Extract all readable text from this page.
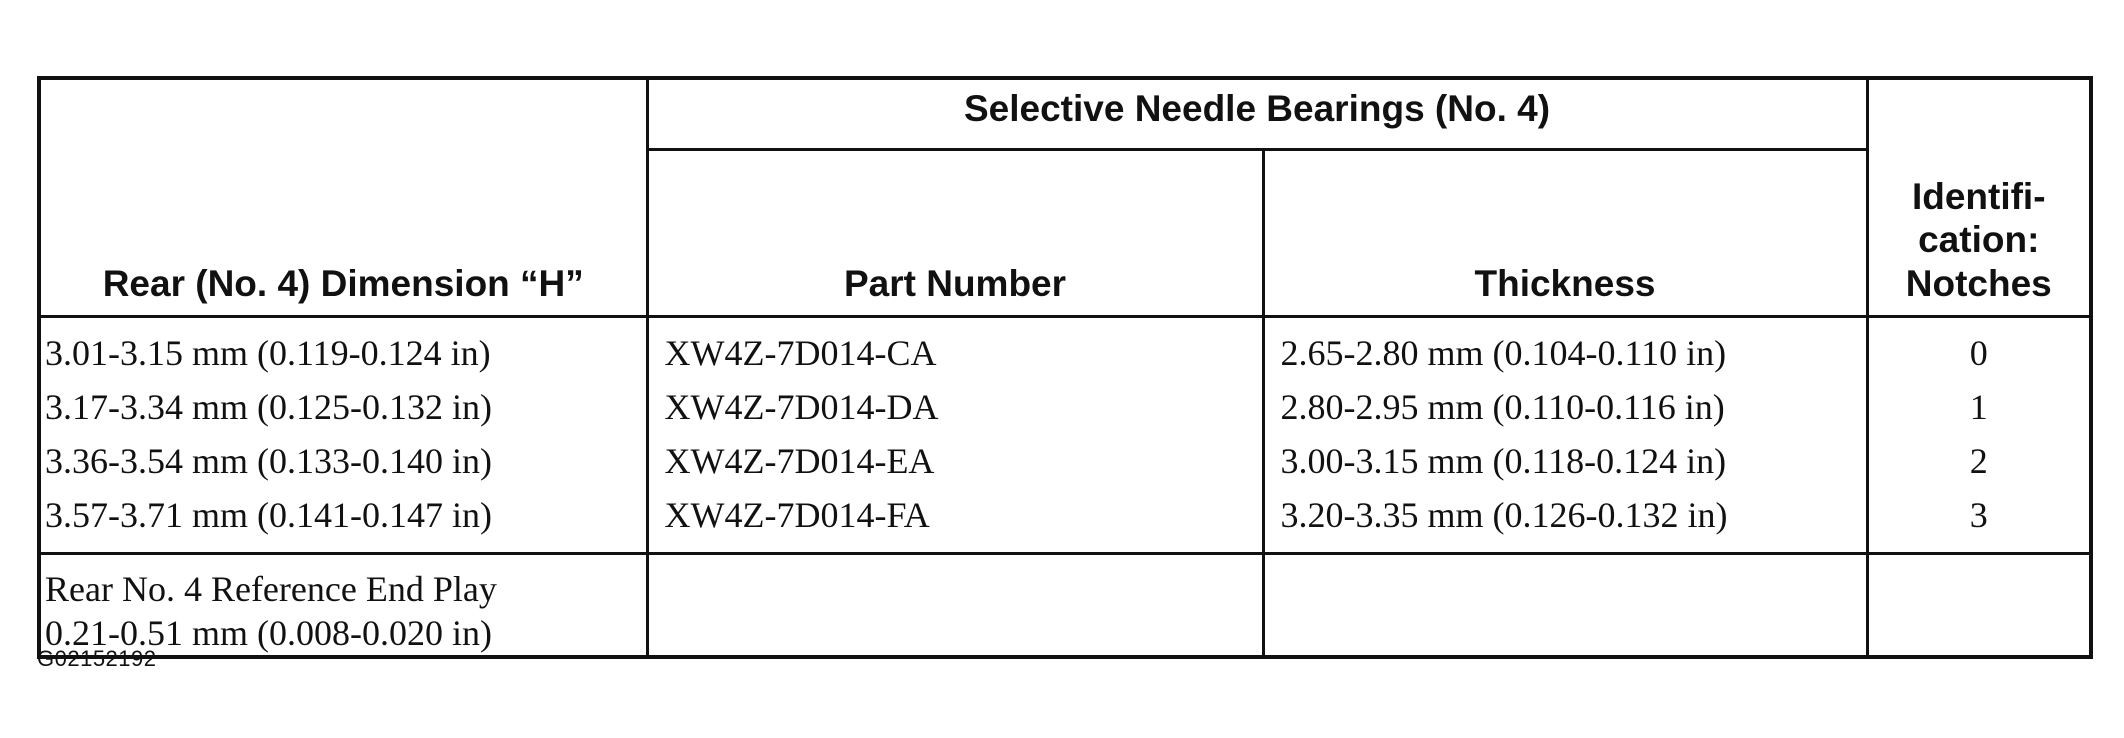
Rear (No. 4) Dimension “H”	Selective Needle Bearings (No. 4)		Identifi-
cation:
Notches

	Part Number	Thickness	
3.01-3.15 mm (0.119-0.124 in)	XW4Z-7D014-CA	2.65-2.80 mm (0.104-0.110 in)	0
3.17-3.34 mm (0.125-0.132 in)	XW4Z-7D014-DA	2.80-2.95 mm (0.110-0.116 in)	1
3.36-3.54 mm (0.133-0.140 in)	XW4Z-7D014-EA	3.00-3.15 mm (0.118-0.124 in)	2
3.57-3.71 mm (0.141-0.147 in)	XW4Z-7D014-FA	3.20-3.35 mm (0.126-0.132 in)	3

Rear No. 4 Reference End Play
0.21-0.51 mm (0.008-0.020 in)			

G02152192
